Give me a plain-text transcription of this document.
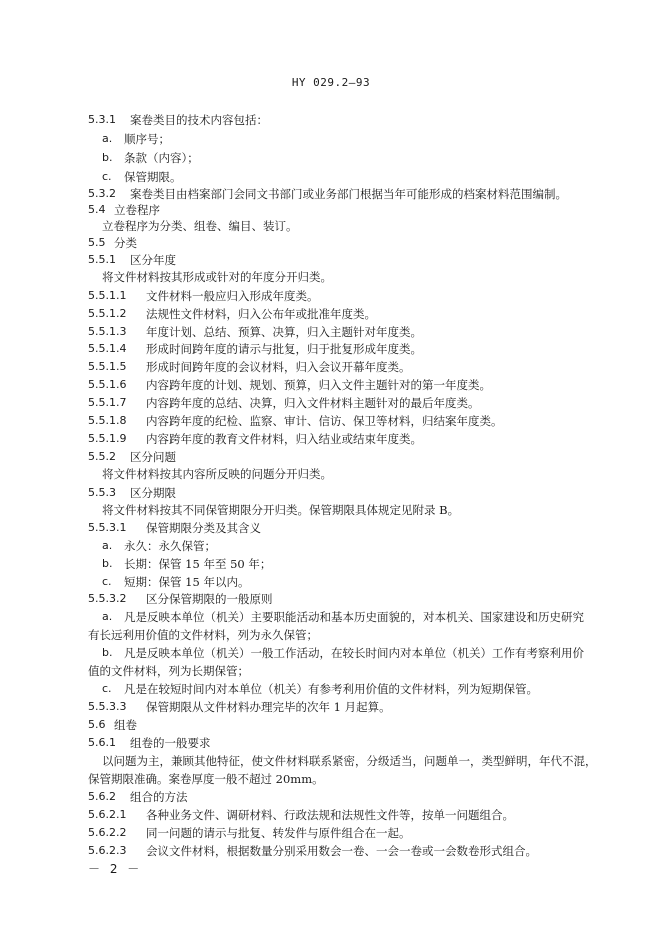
HY 029.2—93
5.3.1 案卷类目的技术内容包括：
a. 顺序号；
b. 条款（内容）；
c. 保管期限。
5.3.2 案卷类目由档案部门会同文书部门或业务部门根据当年可能形成的档案材料范围编制。
5.4 立卷程序
立卷程序为分类、组卷、编目、装订。
5.5 分类
5.5.1 区分年度
将文件材料按其形成或针对的年度分开归类。
5.5.1.1 文件材料一般应归入形成年度类。
5.5.1.2 法规性文件材料，归入公布年或批准年度类。
5.5.1.3 年度计划、总结、预算、决算，归入主题针对年度类。
5.5.1.4 形成时间跨年度的请示与批复，归于批复形成年度类。
5.5.1.5 形成时间跨年度的会议材料，归入会议开幕年度类。
5.5.1.6 内容跨年度的计划、规划、预算，归入文件主题针对的第一年度类。
5.5.1.7 内容跨年度的总结、决算，归入文件材料主题针对的最后年度类。
5.5.1.8 内容跨年度的纪检、监察、审计、信访、保卫等材料，归结案年度类。
5.5.1.9 内容跨年度的教育文件材料，归入结业或结束年度类。
5.5.2 区分问题
将文件材料按其内容所反映的问题分开归类。
5.5.3 区分期限
将文件材料按其不同保管期限分开归类。保管期限具体规定见附录 B。
5.5.3.1 保管期限分类及其含义
a. 永久：永久保管；
b. 长期：保管 15 年至 50 年；
c. 短期：保管 15 年以内。
5.5.3.2 区分保管期限的一般原则
a. 凡是反映本单位（机关）主要职能活动和基本历史面貌的，对本机关、国家建设和历史研究
有长远利用价值的文件材料，列为永久保管；
b. 凡是反映本单位（机关）一般工作活动，在较长时间内对本单位（机关）工作有考察利用价
值的文件材料，列为长期保管；
c. 凡是在较短时间内对本单位（机关）有参考利用价值的文件材料，列为短期保管。
5.5.3.3 保管期限从文件材料办理完毕的次年 1 月起算。
5.6 组卷
5.6.1 组卷的一般要求
以问题为主，兼顾其他特征，使文件材料联系紧密，分级适当，问题单一，类型鲜明，年代不混，
保管期限准确。案卷厚度一般不超过 20mm。
5.6.2 组合的方法
5.6.2.1 各种业务文件、调研材料、行政法规和法规性文件等，按单一问题组合。
5.6.2.2 同一问题的请示与批复、转发件与原件组合在一起。
5.6.2.3 会议文件材料，根据数量分别采用数会一卷、一会一卷或一会数卷形式组合。
－ 2 －
